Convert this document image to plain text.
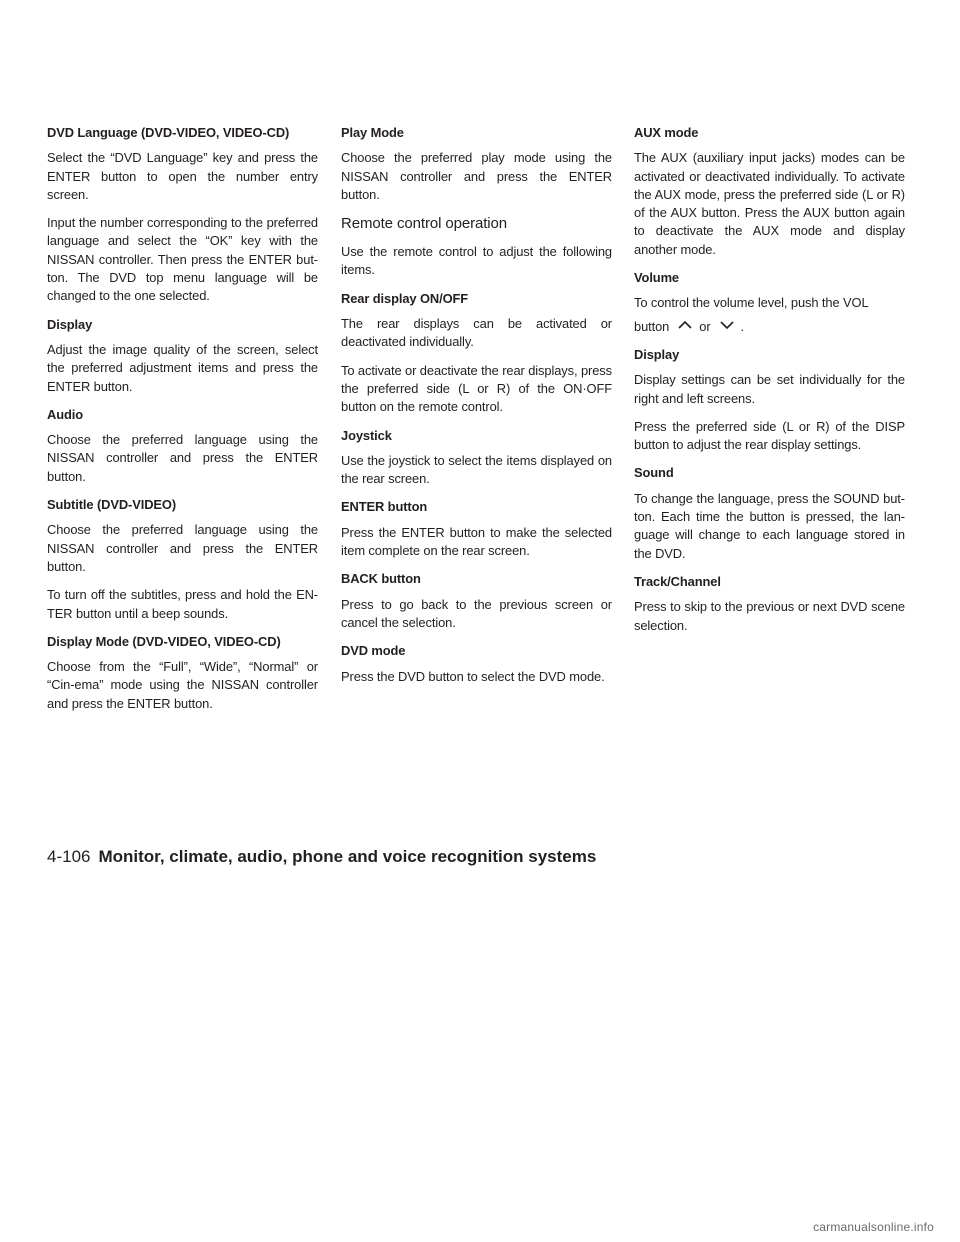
DVD Language (DVD-VIDEO, VIDEO-CD)
Select the “DVD Language” key and press the ENTER button to open the number entry screen.
Input the number corresponding to the preferred language and select the “OK” key with the NISSAN controller. Then press the ENTER but-ton. The DVD top menu language will be changed to the one selected.
Display
Adjust the image quality of the screen, select the preferred adjustment items and press the ENTER button.
Audio
Choose the preferred language using the NISSAN controller and press the ENTER button.
Subtitle (DVD-VIDEO)
Choose the preferred language using the NISSAN controller and press the ENTER button.
To turn off the subtitles, press and hold the EN-TER button until a beep sounds.
Display Mode (DVD-VIDEO, VIDEO-CD)
Choose from the “Full”, “Wide”, “Normal” or “Cin-ema” mode using the NISSAN controller and press the ENTER button.
Play Mode
Choose the preferred play mode using the NISSAN controller and press the ENTER button.
Remote control operation
Use the remote control to adjust the following items.
Rear display ON/OFF
The rear displays can be activated or deactivated individually.
To activate or deactivate the rear displays, press the preferred side (L or R) of the ON·OFF button on the remote control.
Joystick
Use the joystick to select the items displayed on the rear screen.
ENTER button
Press the ENTER button to make the selected item complete on the rear screen.
BACK button
Press to go back to the previous screen or cancel the selection.
DVD mode
Press the DVD button to select the DVD mode.
AUX mode
The AUX (auxiliary input jacks) modes can be activated or deactivated individually. To activate the AUX mode, press the preferred side (L or R) of the AUX button. Press the AUX button again to deactivate the AUX mode and display another mode.
Volume
To control the volume level, push the VOL
button or .
Display
Display settings can be set individually for the right and left screens.
Press the preferred side (L or R) of the DISP button to adjust the rear display settings.
Sound
To change the language, press the SOUND but-ton. Each time the button is pressed, the lan-guage will change to each language stored in the DVD.
Track/Channel
Press to skip to the previous or next DVD scene selection.
4-106 Monitor, climate, audio, phone and voice recognition systems
carmanualsonline.info
